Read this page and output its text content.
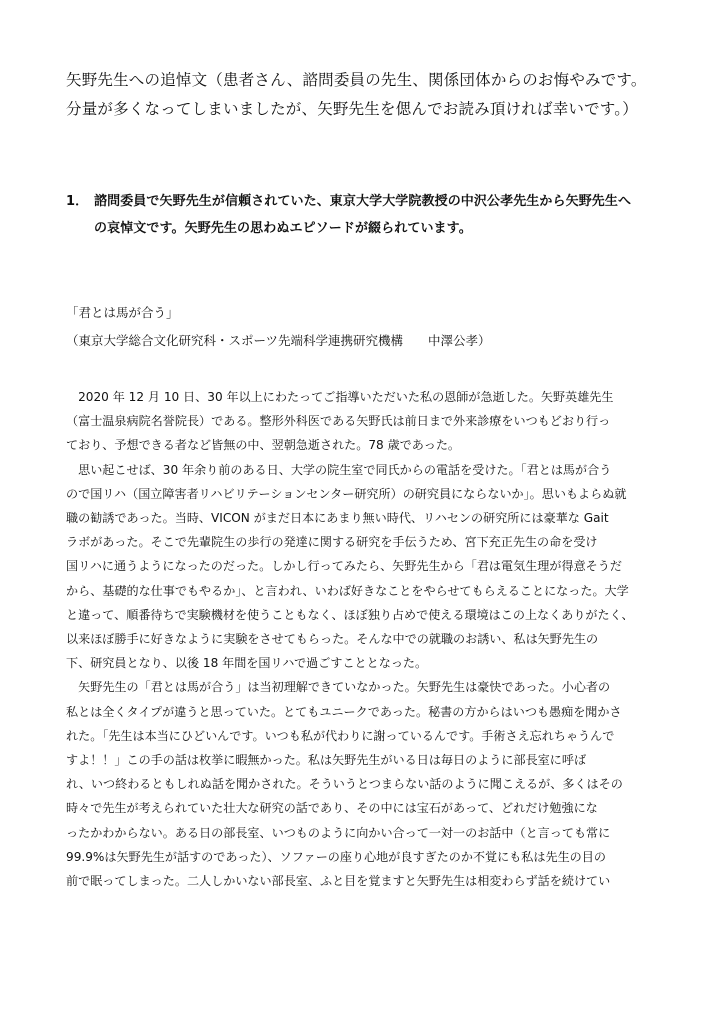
矢野先生への追悼文（患者さん、諮問委員の先生、関係団体からのお悔やみです。

分量が多くなってしまいましたが、矢野先生を偲んでお読み頂ければ幸いです。）

1． 諮問委員で矢野先生が信頼されていた、東京大学大学院教授の中沢公孝先生から矢野先生へ
の哀悼文です。矢野先生の思わぬエピソードが綴られています。
「君とは馬が合う」
（東京大学総合文化研究科・スポーツ先端科学連携研究機構　　中澤公孝）
　2020 年 12 月 10 日、30 年以上にわたってご指導いただいた私の恩師が急逝した。矢野英雄先生
（富士温泉病院名誉院長）である。整形外科医である矢野氏は前日まで外来診療をいつもどおり行っ
ており、予想できる者など皆無の中、翌朝急逝された。78 歳であった。
　思い起こせば、30 年余り前のある日、大学の院生室で同氏からの電話を受けた。「君とは馬が合う
ので国リハ（国立障害者リハビリテーションセンター研究所）の研究員にならないか」。思いもよらぬ就
職の勧誘であった。当時、VICON がまだ日本にあまり無い時代、リハセンの研究所には豪華な Gait
ラボがあった。そこで先輩院生の歩行の発達に関する研究を手伝うため、宮下充正先生の命を受け
国リハに通うようになったのだった。しかし行ってみたら、矢野先生から「君は電気生理が得意そうだ
から、基礎的な仕事でもやるか」、と言われ、いわば好きなことをやらせてもらえることになった。大学
と違って、順番待ちで実験機材を使うこともなく、ほぼ独り占めで使える環境はこの上なくありがたく、
以来ほぼ勝手に好きなように実験をさせてもらった。そんな中での就職のお誘い、私は矢野先生の
下、研究員となり、以後 18 年間を国リハで過ごすこととなった。
　矢野先生の「君とは馬が合う」は当初理解できていなかった。矢野先生は豪快であった。小心者の
私とは全くタイプが違うと思っていた。とてもユニークであった。秘書の方からはいつも愚痴を聞かさ
れた。「先生は本当にひどいんです。いつも私が代わりに謝っているんです。手術さえ忘れちゃうんで
すよ！！」この手の話は枚挙に暇無かった。私は矢野先生がいる日は毎日のように部長室に呼ば
れ、いつ終わるともしれぬ話を聞かされた。そういうとつまらない話のように聞こえるが、多くはその
時々で先生が考えられていた壮大な研究の話であり、その中には宝石があって、どれだけ勉強にな
ったかわからない。ある日の部長室、いつものように向かい合って一対一のお話中（と言っても常に
99.9%は矢野先生が話すのであった）、ソファーの座り心地が良すぎたのか不覚にも私は先生の目の
前で眠ってしまった。二人しかいない部長室、ふと目を覚ますと矢野先生は相変わらず話を続けてい
